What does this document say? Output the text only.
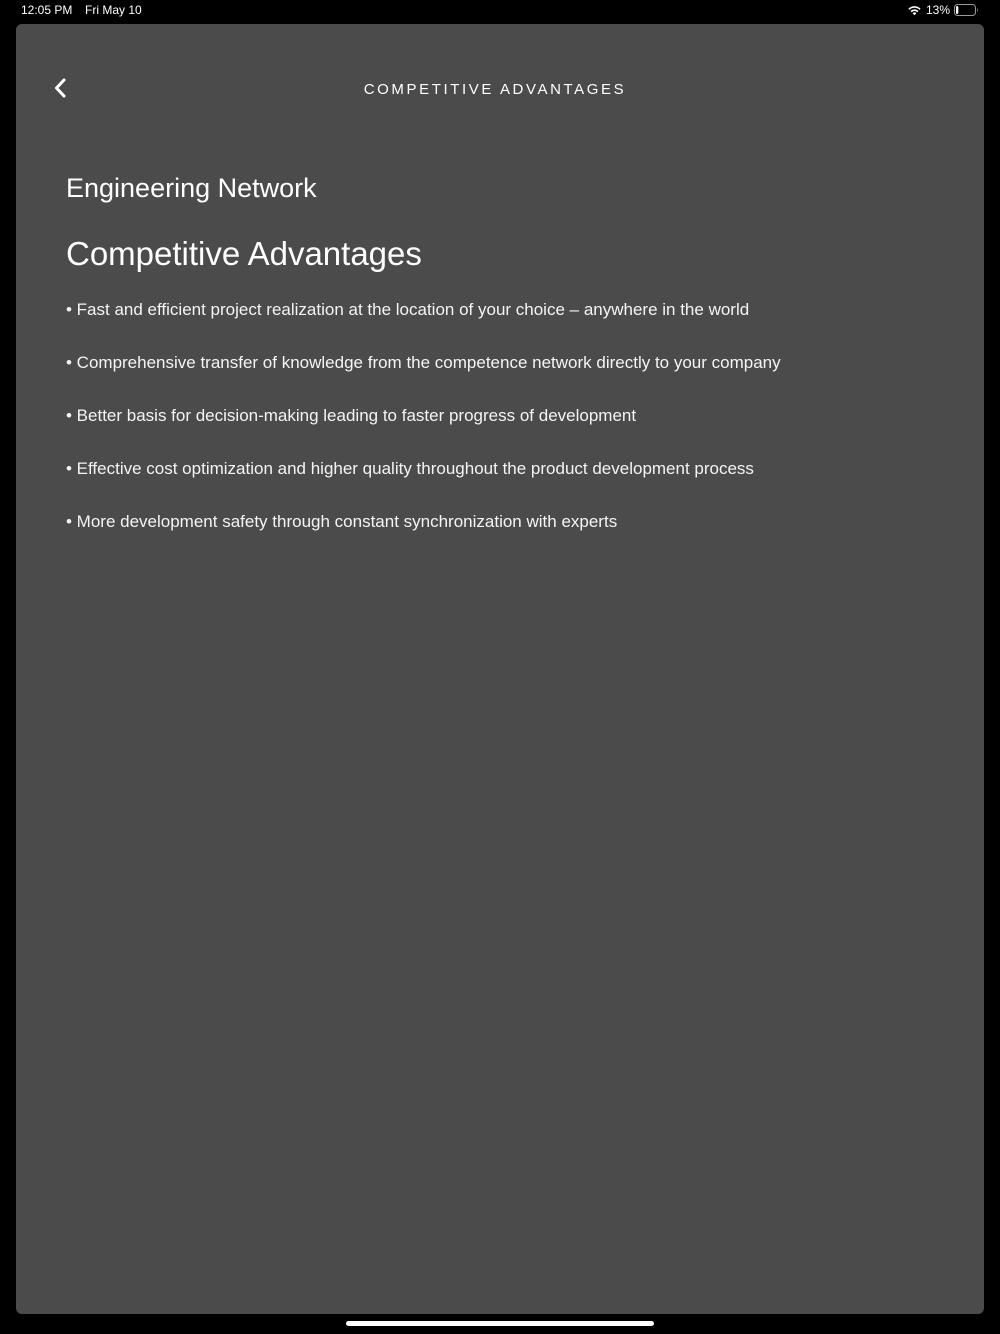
12:05 PM Fri May 10	13%
COMPETITIVE ADVANTAGES
Engineering Network
Competitive Advantages
• Fast and efficient project realization at the location of your choice – anywhere in the world
• Comprehensive transfer of knowledge from the competence network directly to your company
• Better basis for decision-making leading to faster progress of development
• Effective cost optimization and higher quality throughout the product development process
• More development safety through constant synchronization with experts
